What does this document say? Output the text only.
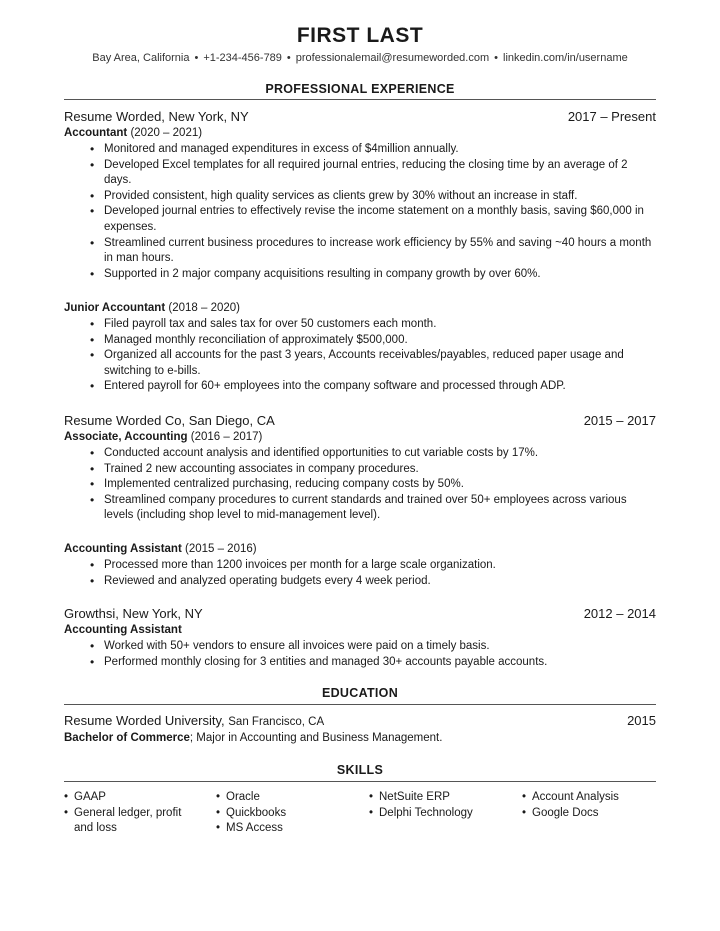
FIRST LAST
Bay Area, California • +1-234-456-789 • professionalemail@resumeworded.com • linkedin.com/in/username
PROFESSIONAL EXPERIENCE
Resume Worded, New York, NY	2017 – Present
Accountant (2020 – 2021)
• Monitored and managed expenditures in excess of $4million annually.
• Developed Excel templates for all required journal entries, reducing the closing time by an average of 2 days.
• Provided consistent, high quality services as clients grew by 30% without an increase in staff.
• Developed journal entries to effectively revise the income statement on a monthly basis, saving $60,000 in expenses.
• Streamlined current business procedures to increase work efficiency by 55% and saving ~40 hours a month in man hours.
• Supported in 2 major company acquisitions resulting in company growth by over 60%.
Junior Accountant (2018 – 2020)
• Filed payroll tax and sales tax for over 50 customers each month.
• Managed monthly reconciliation of approximately $500,000.
• Organized all accounts for the past 3 years, Accounts receivables/payables, reduced paper usage and switching to e-bills.
• Entered payroll for 60+ employees into the company software and processed through ADP.
Resume Worded Co, San Diego, CA	2015 – 2017
Associate, Accounting (2016 – 2017)
• Conducted account analysis and identified opportunities to cut variable costs by 17%.
• Trained 2 new accounting associates in company procedures.
• Implemented centralized purchasing, reducing company costs by 50%.
• Streamlined company procedures to current standards and trained over 50+ employees across various levels (including shop level to mid-management level).
Accounting Assistant (2015 – 2016)
• Processed more than 1200 invoices per month for a large scale organization.
• Reviewed and analyzed operating budgets every 4 week period.
Growthsi, New York, NY	2012 – 2014
Accounting Assistant
• Worked with 50+ vendors to ensure all invoices were paid on a timely basis.
• Performed monthly closing for 3 entities and managed 30+ accounts payable accounts.
EDUCATION
Resume Worded University, San Francisco, CA	2015
Bachelor of Commerce; Major in Accounting and Business Management.
SKILLS
• GAAP
• General ledger, profit and loss
• Oracle
• Quickbooks
• MS Access
• NetSuite ERP
• Delphi Technology
• Account Analysis
• Google Docs
